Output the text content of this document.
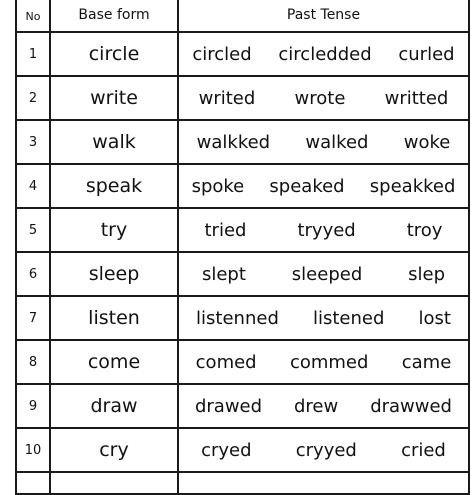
No	Base form	Past Tense
1	circle	circled circledded curled

2	write	writed wrote writted

3	walk	walkked walked woke

4	speak	spoke speaked speakked

5	try	tried tryyed troy

6	sleep	slept sleeped slep

7	listen	listenned listened lost

8	come	comed commed came

9	draw	drawed drew drawwed

10	cry	cryed cryyed cried
